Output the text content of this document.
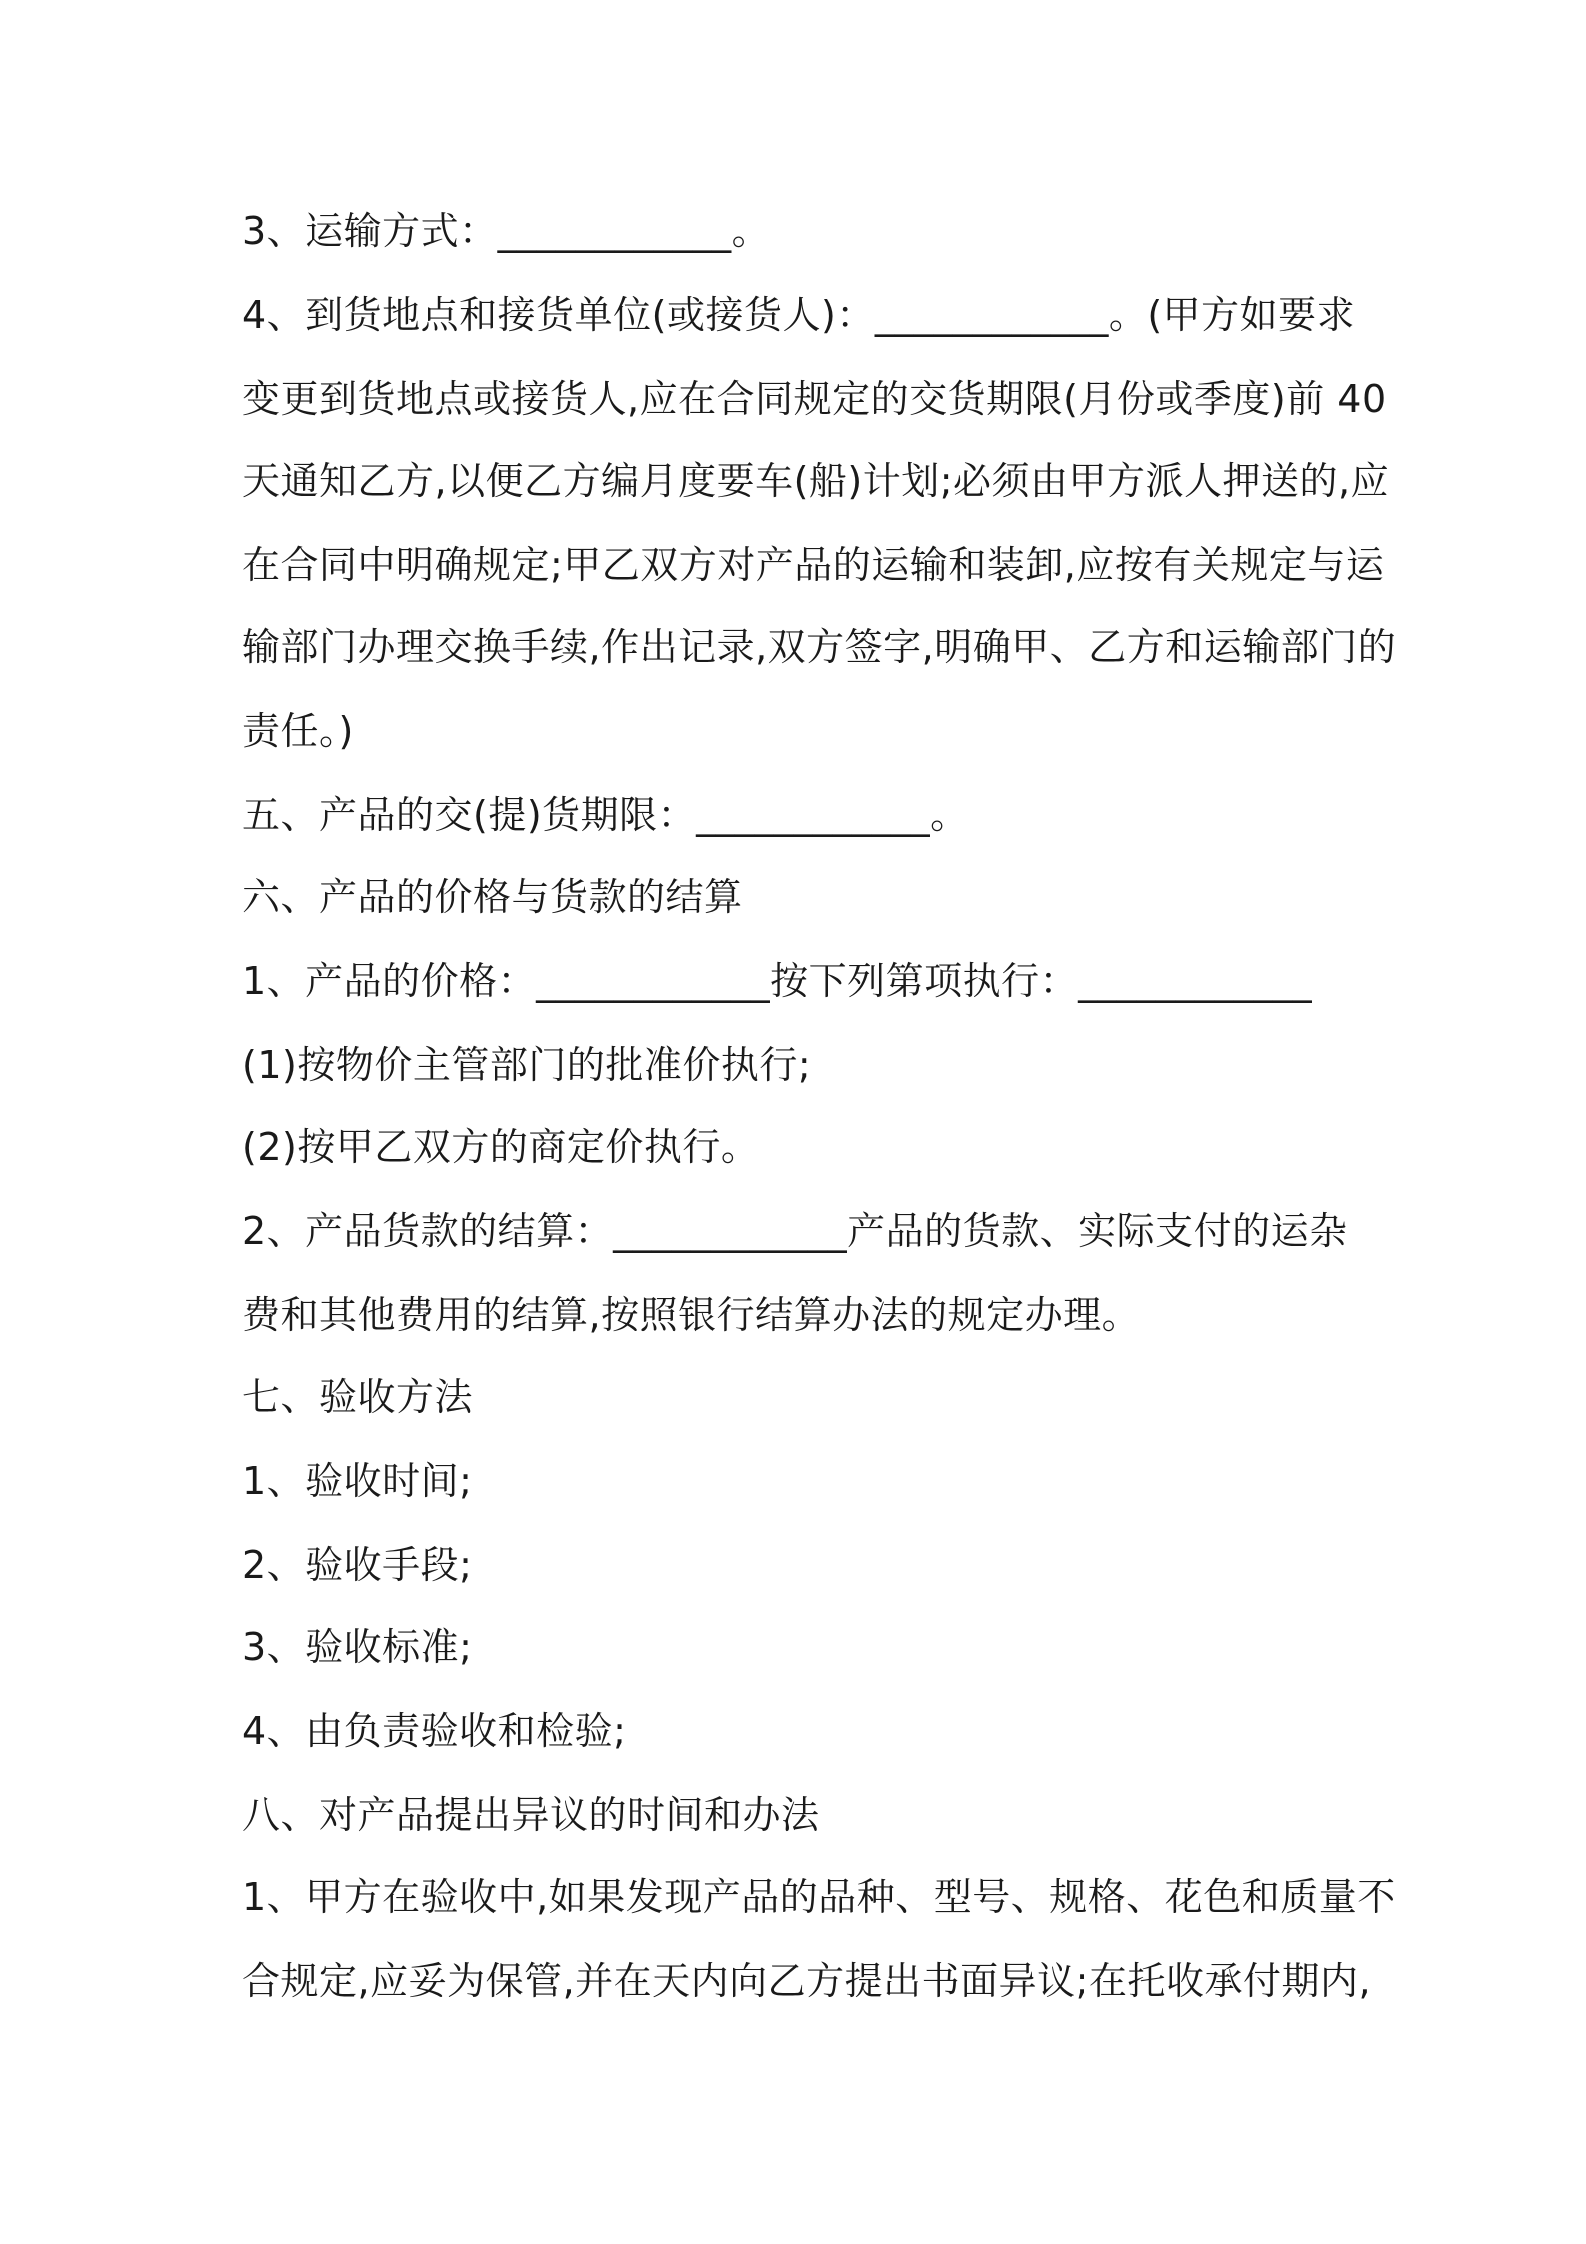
3、运输方式：____________。
4、到货地点和接货单位(或接货人)：____________。(甲方如要求
变更到货地点或接货人,应在合同规定的交货期限(月份或季度)前 40
天通知乙方,以便乙方编月度要车(船)计划;必须由甲方派人押送的,应
在合同中明确规定;甲乙双方对产品的运输和装卸,应按有关规定与运
输部门办理交换手续,作出记录,双方签字,明确甲、乙方和运输部门的
责任。)
五、产品的交(提)货期限：____________。
六、产品的价格与货款的结算
1、产品的价格：____________按下列第项执行：____________
(1)按物价主管部门的批准价执行;
(2)按甲乙双方的商定价执行。
2、产品货款的结算：____________产品的货款、实际支付的运杂
费和其他费用的结算,按照银行结算办法的规定办理。
七、验收方法
1、验收时间;
2、验收手段;
3、验收标准;
4、由负责验收和检验;
八、对产品提出异议的时间和办法
1、甲方在验收中,如果发现产品的品种、型号、规格、花色和质量不
合规定,应妥为保管,并在天内向乙方提出书面异议;在托收承付期内,
